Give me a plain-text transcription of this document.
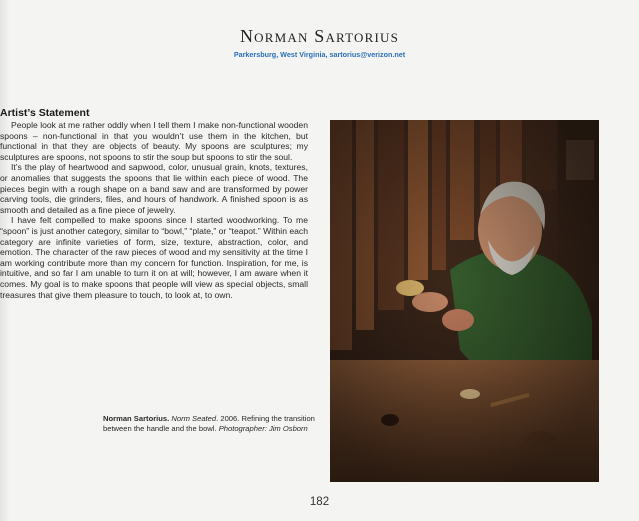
Norman Sartorius
Parkersburg, West Virginia, sartorius@verizon.net
Artist’s Statement

People look at me rather oddly when I tell them I make non-functional wooden spoons – non-functional in that you wouldn’t use them in the kitchen, but functional in that they are objects of beauty. My spoons are sculptures; my sculptures are spoons, not spoons to stir the soup but spoons to stir the soul.

It’s the play of heartwood and sapwood, color, unusual grain, knots, textures, or anomalies that suggests the spoons that lie within each piece of wood. The pieces begin with a rough shape on a band saw and are transformed by power carving tools, die grinders, files, and hours of handwork. A finished spoon is as smooth and detailed as a fine piece of jewelry.

I have felt compelled to make spoons since I started woodworking. To me “spoon” is just another category, similar to “bowl,” “plate,” or “teapot.” Within each category are infinite varieties of form, size, texture, abstraction, color, and emotion. The character of the raw pieces of wood and my sensitivity at the time I am working contribute more than my concern for function. Inspiration, for me, is intuitive, and so far I am unable to turn it on at will; however, I am aware when it comes. My goal is to make spoons that people will view as special objects, small treasures that give them pleasure to touch, to look at, to own.

Norman Sartorius. Norm Seated. 2006. Refining the transition between the handle and the bowl. Photographer: Jim Osborn
182
